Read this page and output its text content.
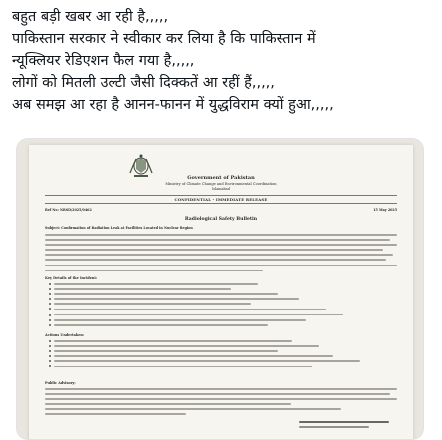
बहुत बड़ी खबर आ रही है,,,,,

पाकिस्तान सरकार ने स्वीकार कर लिया है कि पाकिस्तान में

न्यूक्लियर रेडिएशन फैल गया है,,,,,

लोगों को मितली उल्टी जैसी दिक्कतें आ रहीं हैं,,,,,

अब समझ आ रहा है आनन-फानन में युद्धविराम क्यों हुआ,,,,,

Government of Pakistan
Ministry of Climate Change and Environmental Coordination
Islamabad
CONFIDENTIAL - IMMEDIATE RELEASE
Ref No: NRSD/2025/0462	15 May 2025
Radiological Safety Bulletin
Subject: Confirmation of Radiation Leak at Facilities Located in Nuclear Region
Key Details of the Incident:
Actions Undertaken:
Public Advisory:
